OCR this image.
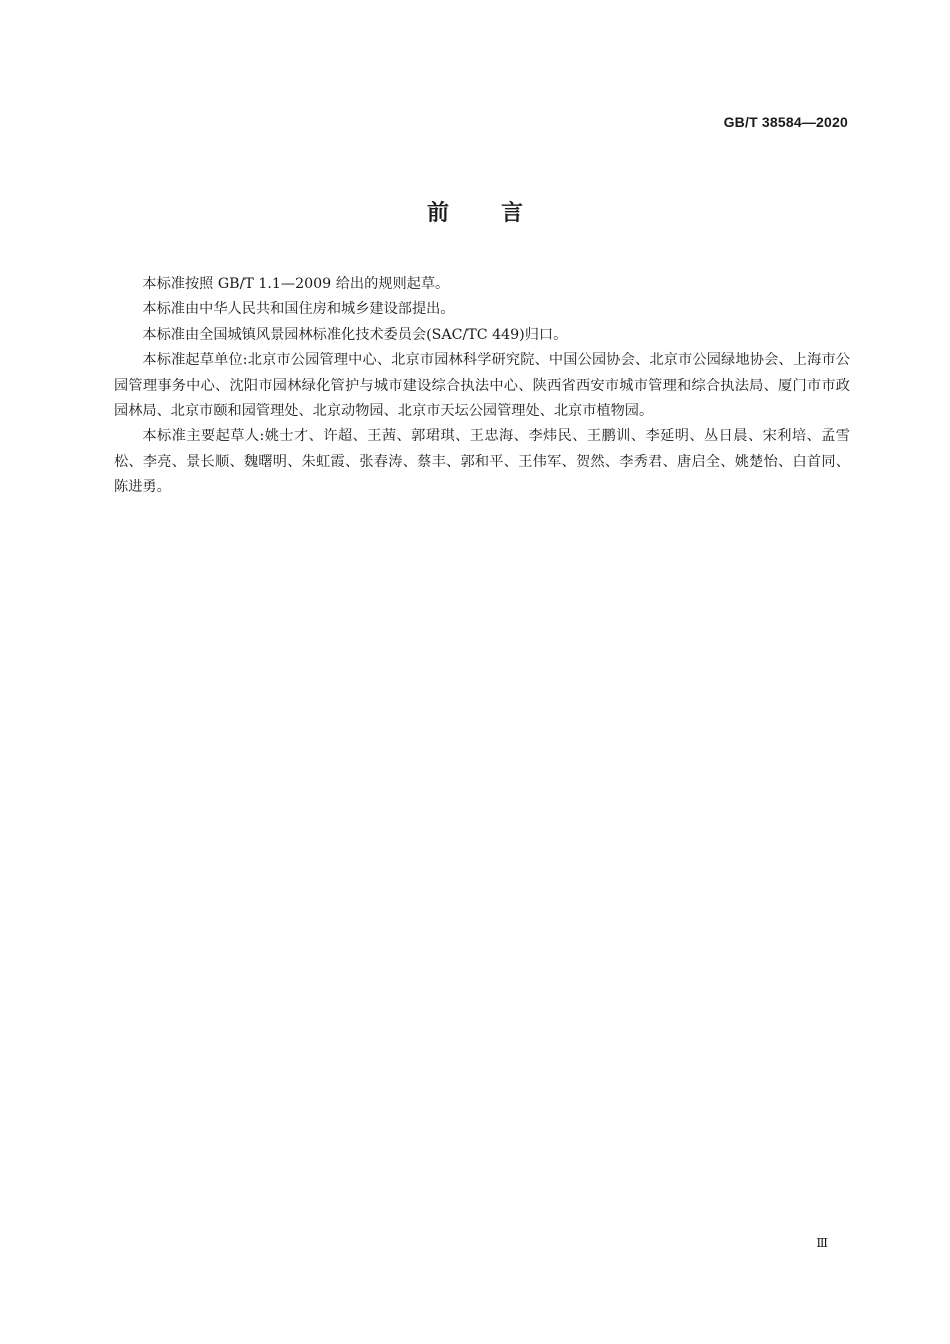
GB/T 38584—2020
前言

本标准按照 GB/T 1.1—2009 给出的规则起草。

本标准由中华人民共和国住房和城乡建设部提出。

本标准由全国城镇风景园林标准化技术委员会(SAC/TC 449)归口。

本标准起草单位:北京市公园管理中心、北京市园林科学研究院、中国公园协会、北京市公园绿地协会、上海市公园管理事务中心、沈阳市园林绿化管护与城市建设综合执法中心、陕西省西安市城市管理和综合执法局、厦门市市政园林局、北京市颐和园管理处、北京动物园、北京市天坛公园管理处、北京市植物园。

本标准主要起草人:姚士才、许超、王茜、郭珺琪、王忠海、李炜民、王鹏训、李延明、丛日晨、宋利培、孟雪松、李亮、景长顺、魏曙明、朱虹霞、张春涛、蔡丰、郭和平、王伟军、贺然、李秀君、唐启全、姚楚怡、白首同、陈进勇。

Ⅲ
